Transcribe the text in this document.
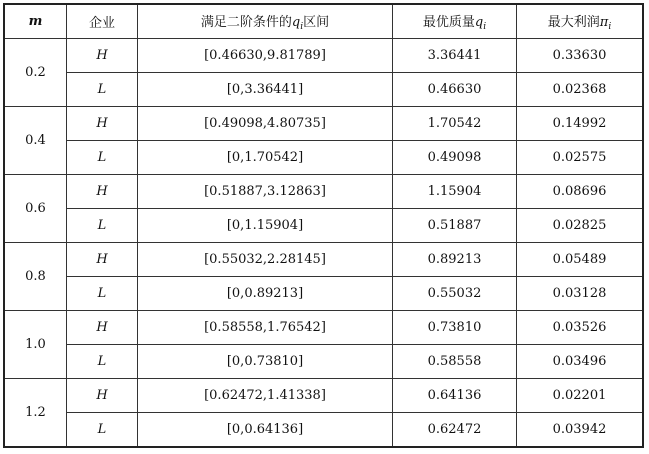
m	企业	满足二阶条件的$q_i$区间	最优质量$q_i$	最大利润$\pi_i$
0.2	H	[0.46630,9.81789]	3.36441	0.33630
	L	[0,3.36441]	0.46630	0.02368
0.4	H	[0.49098,4.80735]	1.70542	0.14992
	L	[0,1.70542]	0.49098	0.02575
0.6	H	[0.51887,3.12863]	1.15904	0.08696
	L	[0,1.15904]	0.51887	0.02825
0.8	H	[0.55032,2.28145]	0.89213	0.05489
	L	[0,0.89213]	0.55032	0.03128
1.0	H	[0.58558,1.76542]	0.73810	0.03526
	L	[0,0.73810]	0.58558	0.03496
1.2	H	[0.62472,1.41338]	0.64136	0.02201
	L	[0,0.64136]	0.62472	0.03942
